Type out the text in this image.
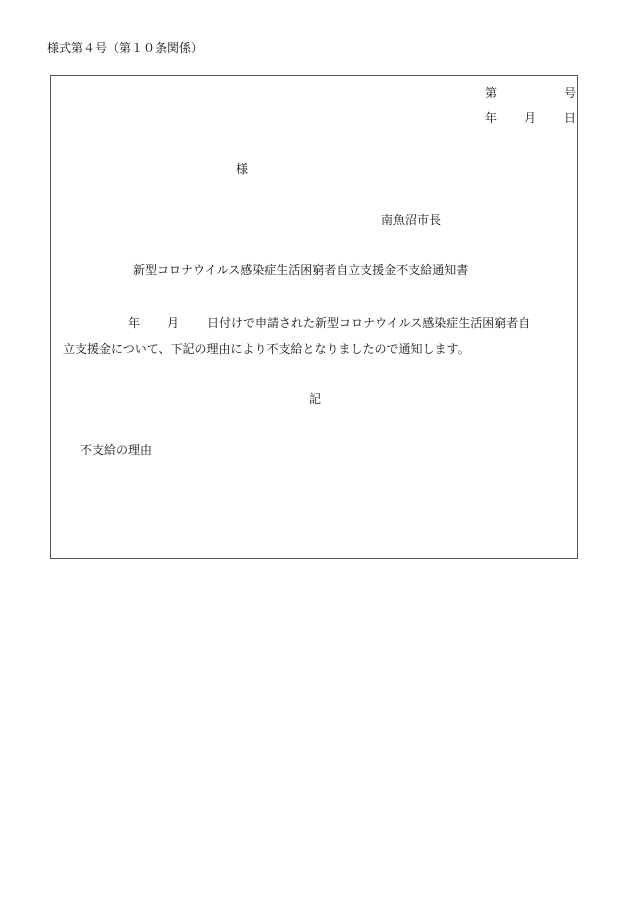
様式第４号（第１０条関係）
第	号
年 月 日
様
南魚沼市長
新型コロナウイルス感染症生活困窮者自立支援金不支給通知書
年 月 日付けで申請された新型コロナウイルス感染症生活困窮者自
立支援金について、下記の理由により不支給となりましたので通知します。
記
不支給の理由
